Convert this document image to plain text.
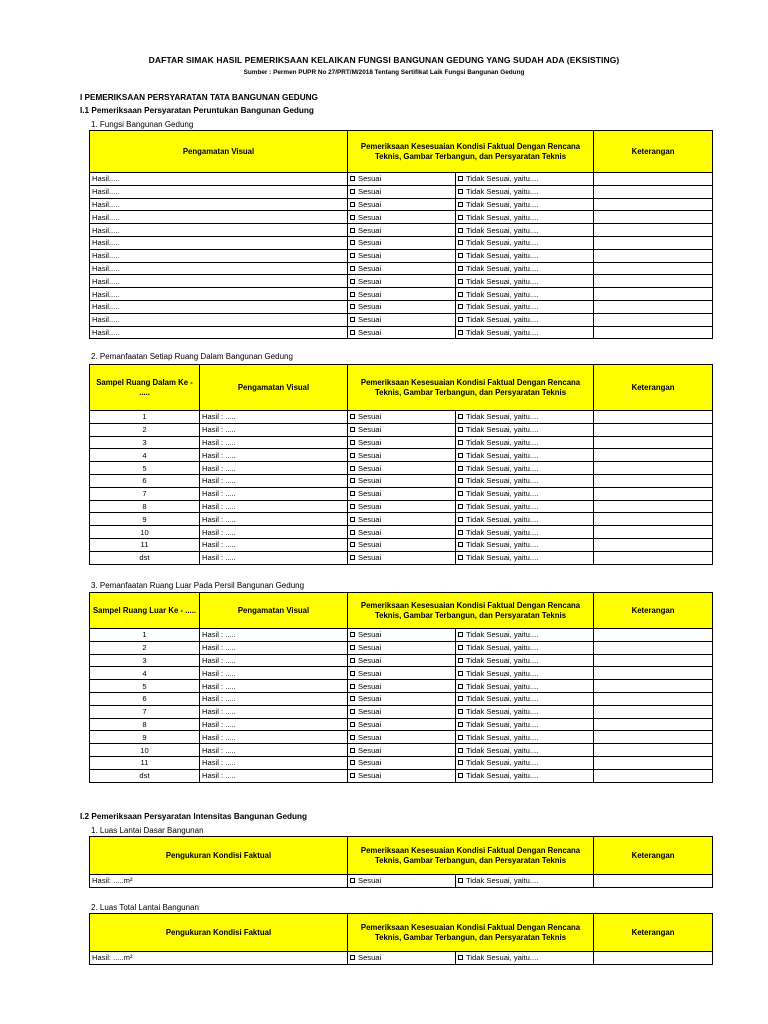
DAFTAR SIMAK HASIL PEMERIKSAAN KELAIKAN FUNGSI BANGUNAN GEDUNG YANG SUDAH ADA (EKSISTING)
Sumber : Permen PUPR No 27/PRT/M/2018 Tentang Sertifikat Laik Fungsi Bangunan Gedung
I PEMERIKSAAN PERSYARATAN TATA BANGUNAN GEDUNG
I.1 Pemeriksaan Persyaratan Peruntukan Bangunan Gedung
1. Fungsi Bangunan Gedung
Pengamatan Visual	Pemeriksaan Kesesuaian Kondisi Faktual Dengan Rencana Teknis, Gambar Terbangun, dan Persyaratan Teknis		Keterangan
Hasil.....	Sesuai	Tidak Sesuai, yaitu....	
Hasil.....	Sesuai	Tidak Sesuai, yaitu....	
Hasil.....	Sesuai	Tidak Sesuai, yaitu....	
Hasil.....	Sesuai	Tidak Sesuai, yaitu....	
Hasil.....	Sesuai	Tidak Sesuai, yaitu....	
Hasil.....	Sesuai	Tidak Sesuai, yaitu....	
Hasil.....	Sesuai	Tidak Sesuai, yaitu....	
Hasil.....	Sesuai	Tidak Sesuai, yaitu....	
Hasil.....	Sesuai	Tidak Sesuai, yaitu....	
Hasil.....	Sesuai	Tidak Sesuai, yaitu....	
Hasil.....	Sesuai	Tidak Sesuai, yaitu....	
Hasil.....	Sesuai	Tidak Sesuai, yaitu....	
Hasil.....	Sesuai	Tidak Sesuai, yaitu....	
2. Pemanfaatan Setiap Ruang Dalam Bangunan Gedung
Sampel Ruang Dalam Ke - .....	Pengamatan Visual	Pemeriksaan Kesesuaian Kondisi Faktual Dengan Rencana Teknis, Gambar Terbangun, dan Persyaratan Teknis		Keterangan
1	Hasil : .....	Sesuai	Tidak Sesuai, yaitu....	
2	Hasil : .....	Sesuai	Tidak Sesuai, yaitu....	
3	Hasil : .....	Sesuai	Tidak Sesuai, yaitu....	
4	Hasil : .....	Sesuai	Tidak Sesuai, yaitu....	
5	Hasil : .....	Sesuai	Tidak Sesuai, yaitu....	
6	Hasil : .....	Sesuai	Tidak Sesuai, yaitu....	
7	Hasil : .....	Sesuai	Tidak Sesuai, yaitu....	
8	Hasil : .....	Sesuai	Tidak Sesuai, yaitu....	
9	Hasil : .....	Sesuai	Tidak Sesuai, yaitu....	
10	Hasil : .....	Sesuai	Tidak Sesuai, yaitu....	
11	Hasil : .....	Sesuai	Tidak Sesuai, yaitu....	
dst	Hasil : .....	Sesuai	Tidak Sesuai, yaitu....	
3. Pemanfaatan Ruang Luar Pada Persil Bangunan Gedung
Sampel Ruang Luar Ke - .....	Pengamatan Visual	Pemeriksaan Kesesuaian Kondisi Faktual Dengan Rencana Teknis, Gambar Terbangun, dan Persyaratan Teknis		Keterangan
1	Hasil : .....	Sesuai	Tidak Sesuai, yaitu....	
2	Hasil : .....	Sesuai	Tidak Sesuai, yaitu....	
3	Hasil : .....	Sesuai	Tidak Sesuai, yaitu....	
4	Hasil : .....	Sesuai	Tidak Sesuai, yaitu....	
5	Hasil : .....	Sesuai	Tidak Sesuai, yaitu....	
6	Hasil : .....	Sesuai	Tidak Sesuai, yaitu....	
7	Hasil : .....	Sesuai	Tidak Sesuai, yaitu....	
8	Hasil : .....	Sesuai	Tidak Sesuai, yaitu....	
9	Hasil : .....	Sesuai	Tidak Sesuai, yaitu....	
10	Hasil : .....	Sesuai	Tidak Sesuai, yaitu....	
11	Hasil : .....	Sesuai	Tidak Sesuai, yaitu....	
dst	Hasil : .....	Sesuai	Tidak Sesuai, yaitu....	
I.2 Pemeriksaan Persyaratan Intensitas Bangunan Gedung
1. Luas Lantai Dasar Bangunan
Pengukuran Kondisi Faktual	Pemeriksaan Kesesuaian Kondisi Faktual Dengan Rencana Teknis, Gambar Terbangun, dan Persyaratan Teknis		Keterangan
Hasil: .....m²	Sesuai	Tidak Sesuai, yaitu....	
2. Luas Total Lantai Bangunan
Pengukuran Kondisi Faktual	Pemeriksaan Kesesuaian Kondisi Faktual Dengan Rencana Teknis, Gambar Terbangun, dan Persyaratan Teknis		Keterangan
Hasil: .....m²	Sesuai	Tidak Sesuai, yaitu....	
